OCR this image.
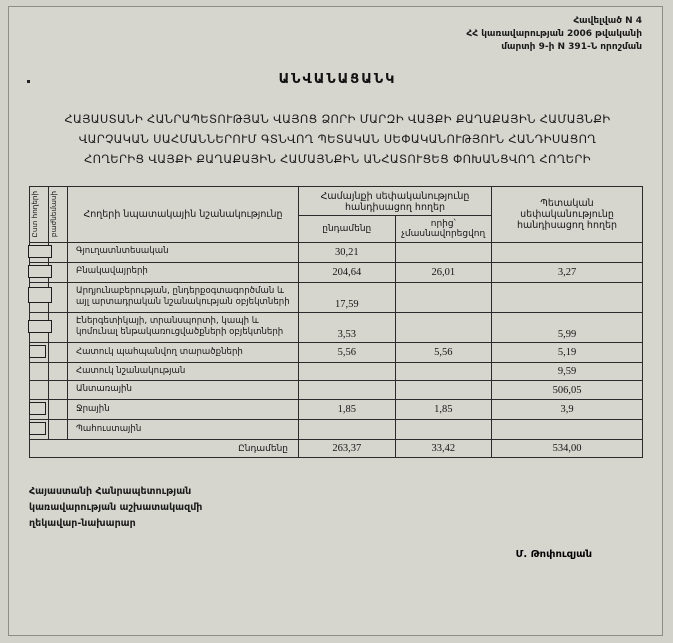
Հավելված N 4
ՀՀ կառավարության 2006 թվականի
մարտի 9-ի N 391-Ն որոշման
ԱՆՎԱՆԱՑԱՆԿ
ՀԱՅԱՍՏԱՆԻ ՀԱՆՐԱՊԵՏՈՒԹՅԱՆ ՎԱՅՈՑ ՁՈՐԻ ՄԱՐԶԻ ՎԱՅՔԻ ՔԱՂԱՔԱՅԻՆ ՀԱՄԱՅՆՔԻ
ՎԱՐՉԱԿԱՆ ՍԱՀՄԱՆՆԵՐՈՒՄ ԳՏՆՎՈՂ ՊԵՏԱԿԱՆ ՍԵՓԱԿԱՆՈՒԹՅՈՒՆ ՀԱՆԴԻՍԱՑՈՂ
ՀՈՂԵՐԻՑ ՎԱՅՔԻ ՔԱՂԱՔԱՅԻՆ ՀԱՄԱՅՆՔԻՆ ԱՆՀԱՏՈՒՑԵՑ ՓՈԽԱՆՑՎՈՂ ՀՈՂԵՐԻ
Ըստ հողերի	բաժնեմասի	Հողերի նպատակային նշանակությունը	Համայնքի սեփականությունը հանդիսացող հողեր		Պետական սեփականությունը հանդիսացող հողեր
			ընդամենը	որից՝ չմասնավորեցվող	
		Գյուղատնտեսական	30,21		
		Բնակավայրերի	204,64	26,01	3,27
		Արդյունաբերության, ընդերքօգտագործման և այլ արտադրական նշանակության օբյեկտների	17,59		
		Էներգետիկայի, տրանսպորտի, կապի և կոմունալ ենթակառուցվածքների օբյեկտների	3,53		5,99
		Հատուկ պահպանվող տարածքների	5,56	5,56	5,19
		Հատուկ նշանակության			9,59
		Անտառային			506,05
		Ջրային	1,85	1,85	3,9
		Պահուստային			
Ընդամենը			263,37	33,42	534,00
Հայաստանի Հանրապետության
կառավարության աշխատակազմի
ղեկավար-նախարար
Մ. Թոփուզյան
